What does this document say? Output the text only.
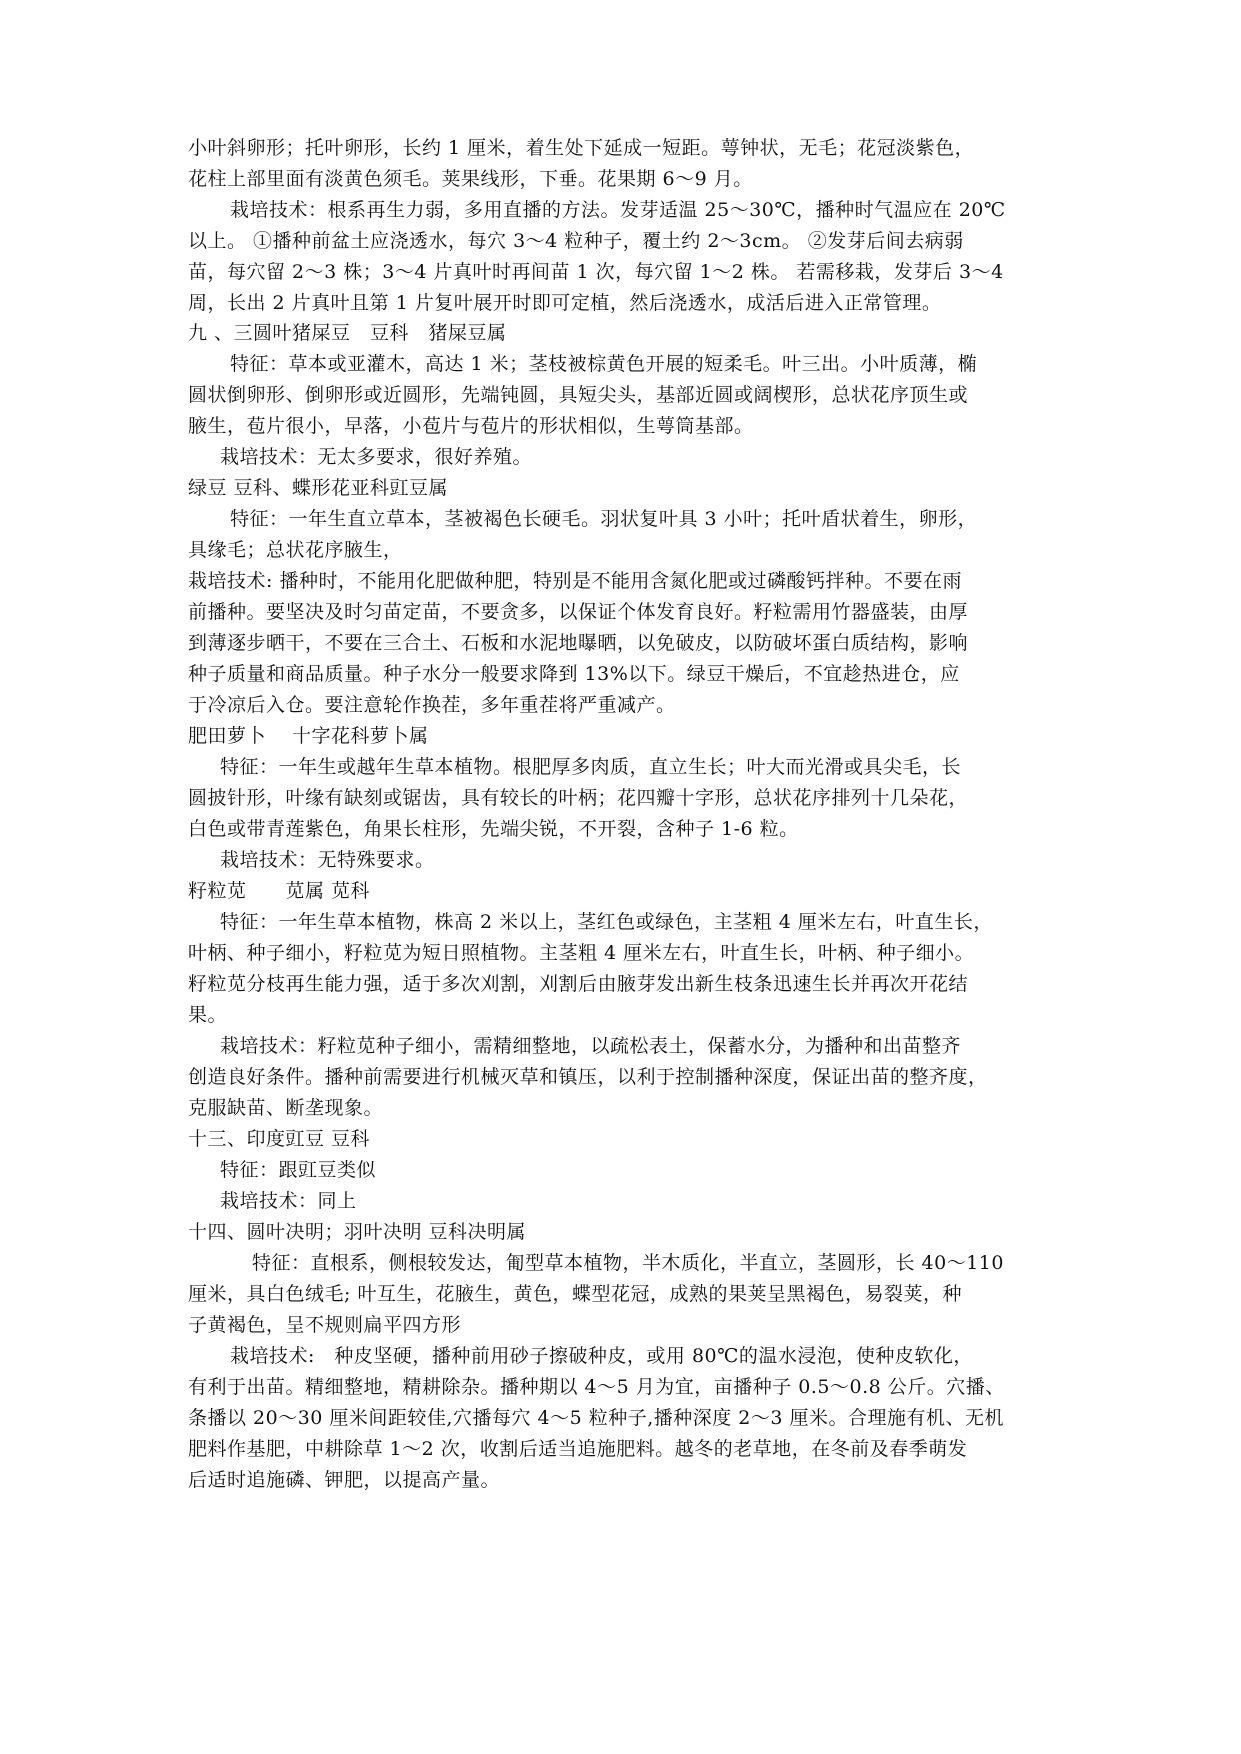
小叶斜卵形；托叶卵形，长约 1 厘米，着生处下延成一短距。萼钟状，无毛；花冠淡紫色，

花柱上部里面有淡黄色须毛。荚果线形，下垂。花果期 6～9 月。

栽培技术：根系再生力弱，多用直播的方法。发芽适温 25～30℃，播种时气温应在 20℃

以上。 ①播种前盆土应浇透水，每穴 3～4 粒种子，覆土约 2～3cm。 ②发芽后间去病弱

苗，每穴留 2～3 株；3～4 片真叶时再间苗 1 次，每穴留 1～2 株。 若需移栽，发芽后 3～4

周，长出 2 片真叶且第 1 片复叶展开时即可定植，然后浇透水，成活后进入正常管理。

九 、三圆叶猪屎豆　豆科　猪屎豆属

特征：草本或亚灌木，高达 1 米；茎枝被棕黄色开展的短柔毛。叶三出。小叶质薄，椭

圆状倒卵形、倒卵形或近圆形，先端钝圆，具短尖头，基部近圆或阔楔形，总状花序顶生或

腋生，苞片很小，早落，小苞片与苞片的形状相似，生萼筒基部。

栽培技术：无太多要求，很好养殖。

绿豆 豆科、蝶形花亚科豇豆属

特征：一年生直立草本，茎被褐色长硬毛。羽状复叶具 3 小叶；托叶盾状着生，卵形，

具缘毛；总状花序腋生，

栽培技术: 播种时，不能用化肥做种肥，特别是不能用含氮化肥或过磷酸钙拌种。不要在雨

前播种。要坚决及时匀苗定苗，不要贪多，以保证个体发育良好。籽粒需用竹器盛装，由厚

到薄逐步晒干，不要在三合土、石板和水泥地曝晒，以免破皮，以防破坏蛋白质结构，影响

种子质量和商品质量。种子水分一般要求降到 13%以下。绿豆干燥后，不宜趁热进仓，应

于冷凉后入仓。要注意轮作换茬，多年重茬将严重减产。

肥田萝卜　 十字花科萝卜属

特征：一年生或越年生草本植物。根肥厚多肉质，直立生长；叶大而光滑或具尖毛，长

圆披针形，叶缘有缺刻或锯齿，具有较长的叶柄；花四瓣十字形，总状花序排列十几朵花，

白色或带青莲紫色，角果长柱形，先端尖锐，不开裂，含种子 1-6 粒。

栽培技术：无特殊要求。

籽粒苋　　苋属 苋科

特征：一年生草本植物，株高 2 米以上，茎红色或绿色，主茎粗 4 厘米左右，叶直生长，

叶柄、种子细小，籽粒苋为短日照植物。主茎粗 4 厘米左右，叶直生长，叶柄、种子细小。

籽粒苋分枝再生能力强，适于多次刈割，刈割后由腋芽发出新生枝条迅速生长并再次开花结

果。

栽培技术：籽粒苋种子细小，需精细整地，以疏松表土，保蓄水分，为播种和出苗整齐

创造良好条件。播种前需要进行机械灭草和镇压，以利于控制播种深度，保证出苗的整齐度，

克服缺苗、断垄现象。

十三、印度豇豆 豆科

特征：跟豇豆类似

栽培技术：同上

十四、圆叶决明；羽叶决明 豆科决明属

特征：直根系，侧根较发达，匍型草本植物，半木质化，半直立，茎圆形，长 40～110

厘米，具白色绒毛; 叶互生，花腋生，黄色，蝶型花冠，成熟的果荚呈黑褐色，易裂荚，种

子黄褐色，呈不规则扁平四方形

栽培技术:　种皮坚硬，播种前用砂子擦破种皮，或用 80℃的温水浸泡，使种皮软化，

有利于出苗。精细整地，精耕除杂。播种期以 4～5 月为宜，亩播种子 0.5～0.8 公斤。穴播、

条播以 20～30 厘米间距较佳,穴播每穴 4～5 粒种子,播种深度 2～3 厘米。合理施有机、无机

肥料作基肥，中耕除草 1～2 次，收割后适当追施肥料。越冬的老草地，在冬前及春季萌发

后适时追施磷、钾肥，以提高产量。
